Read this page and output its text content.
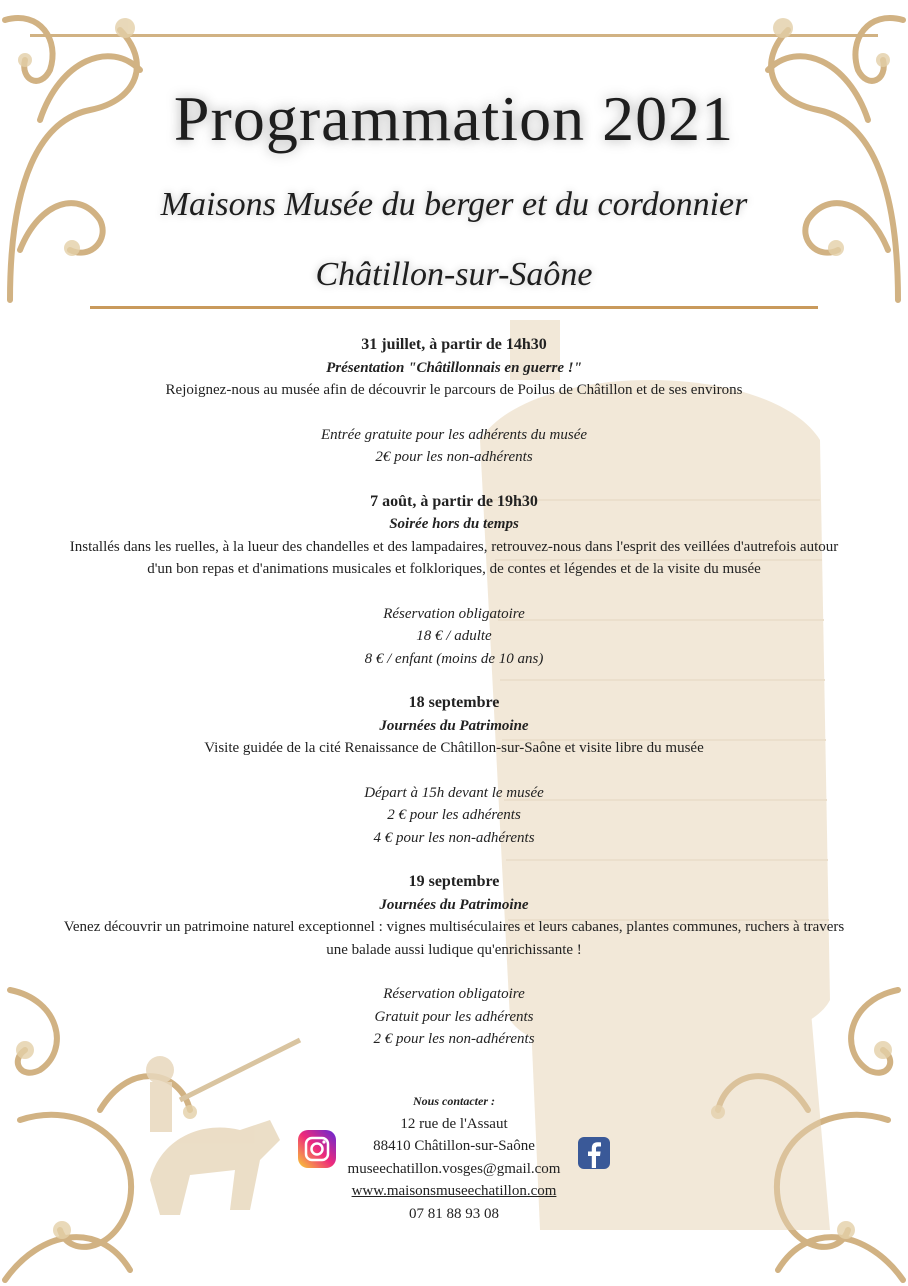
Programmation 2021
Maisons Musée du berger et du cordonnier
Châtillon-sur-Saône
31 juillet, à partir de 14h30
Présentation "Châtillonnais en guerre !"
Rejoignez-nous au musée afin de découvrir le parcours de Poilus de Châtillon et de ses environs
Entrée gratuite pour les adhérents du musée
2€ pour les non-adhérents
7 août, à partir de 19h30
Soirée hors du temps
Installés dans les ruelles, à la lueur des chandelles et des lampadaires, retrouvez-nous dans l'esprit des veillées d'autrefois autour
d'un bon repas et d'animations musicales et folkloriques, de contes et légendes et de la visite du musée
Réservation obligatoire
18 € / adulte
8 € / enfant (moins de 10 ans)
18 septembre
Journées du Patrimoine
Visite guidée de la cité Renaissance de Châtillon-sur-Saône et visite libre du musée
Départ à 15h devant le musée
2 € pour les adhérents
4 € pour les non-adhérents
19 septembre
Journées du Patrimoine
Venez découvrir un patrimoine naturel exceptionnel : vignes multiséculaires et leurs cabanes, plantes communes, ruchers à travers
une balade aussi ludique qu'enrichissante !
Réservation obligatoire
Gratuit pour les adhérents
2 € pour les non-adhérents
Nous contacter :
12 rue de l'Assaut
88410 Châtillon-sur-Saône
museechatillon.vosges@gmail.com
www.maisonsmuseechatillon.com
07 81 88 93 08
